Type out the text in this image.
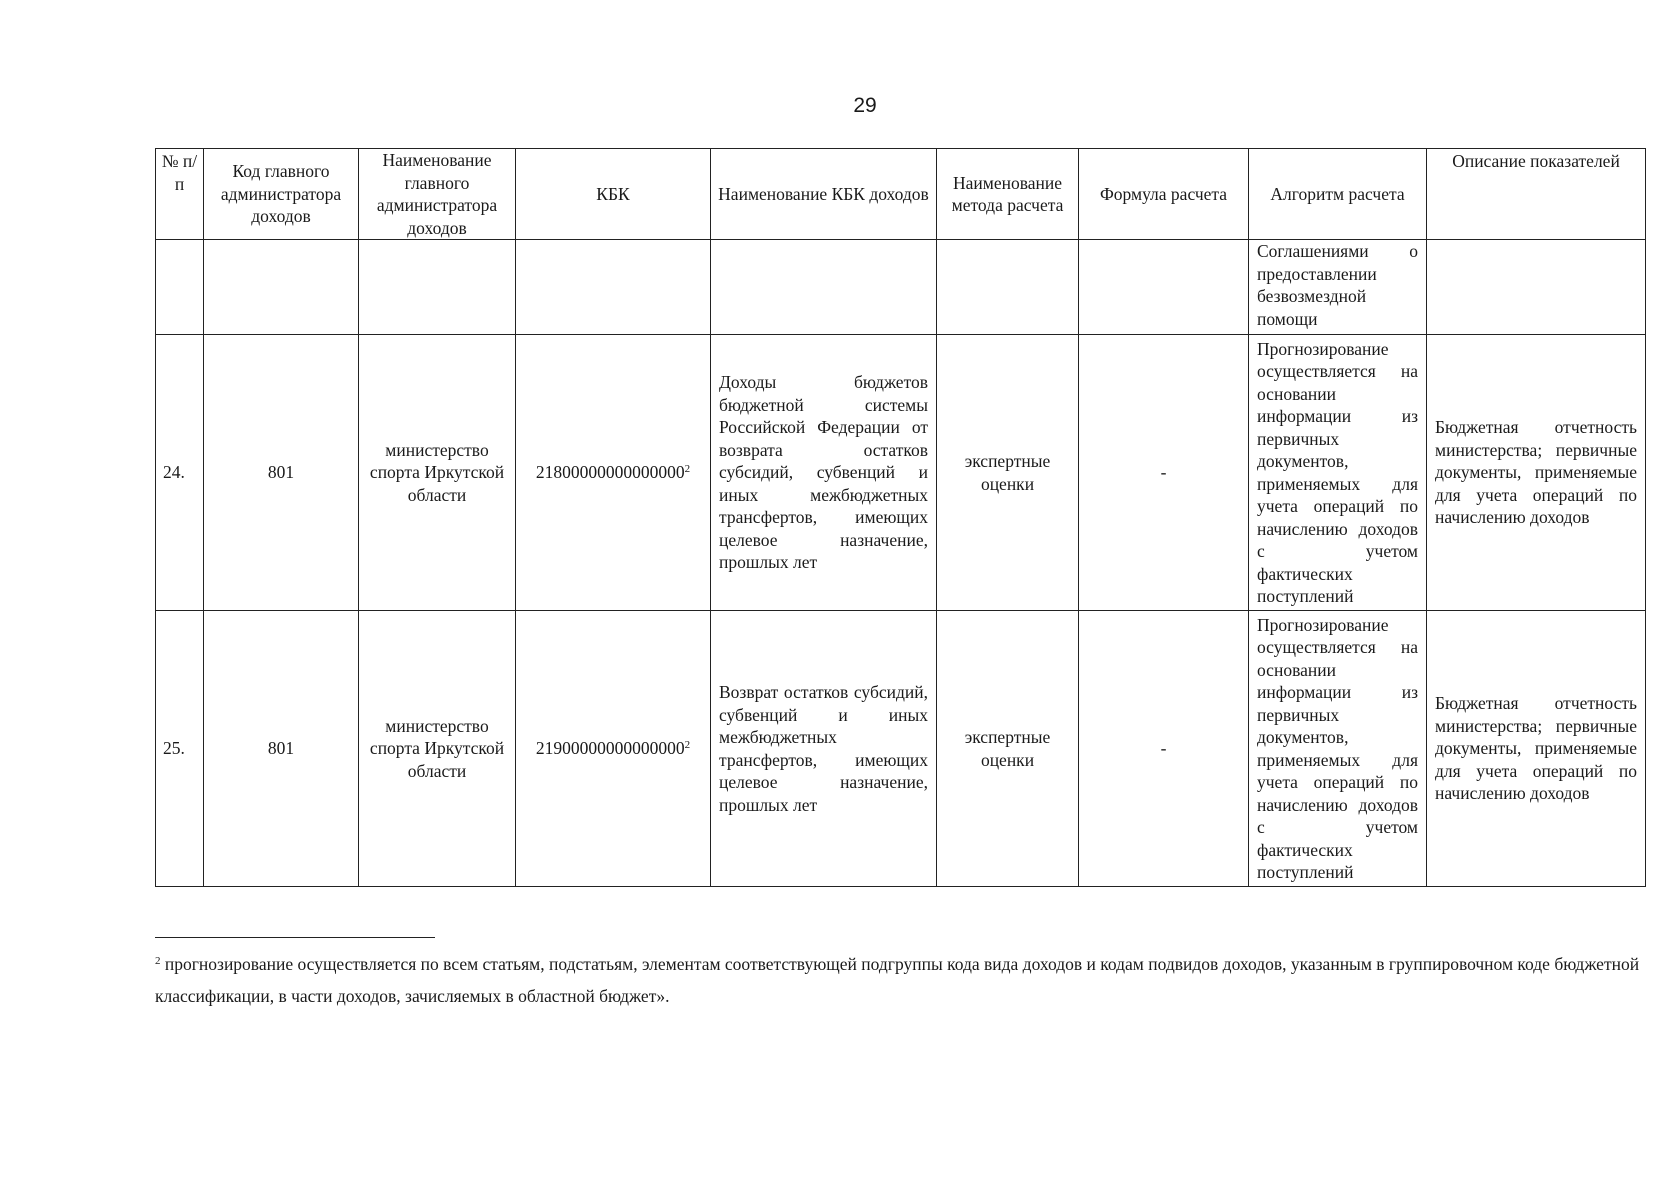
29
№ п/п	Код главного администратора доходов	Наименование главного администратора доходов	КБК	Наименование КБК доходов	Наименование метода расчета	Формула расчета	Алгоритм расчета	Описание показателей
							Соглашениями о предоставлении безвозмездной помощи	
24.	801	министерство спорта Иркутской области	21800000000000000$^2$	Доходы бюджетов бюджетной системы Российской Федерации от возврата остатков субсидий, субвенций и иных межбюджетных трансфертов, имеющих целевое назначение, прошлых лет	экспертные оценки	-	Прогнозирование осуществляется на основании информации из первичных документов, применяемых для учета операций по начислению доходов с учетом фактических поступлений	Бюджетная отчетность министерства; первичные документы, применяемые для учета операций по начислению доходов
25.	801	министерство спорта Иркутской области	21900000000000000$^2$	Возврат остатков субсидий, субвенций и иных межбюджетных трансфертов, имеющих целевое назначение, прошлых лет	экспертные оценки	-	Прогнозирование осуществляется на основании информации из первичных документов, применяемых для учета операций по начислению доходов с учетом фактических поступлений	Бюджетная отчетность министерства; первичные документы, применяемые для учета операций по начислению доходов
$^2$ прогнозирование осуществляется по всем статьям, подстатьям, элементам соответствующей подгруппы кода вида доходов и кодам подвидов доходов, указанным в группировочном коде бюджетной классификации, в части доходов, зачисляемых в областной бюджет».
